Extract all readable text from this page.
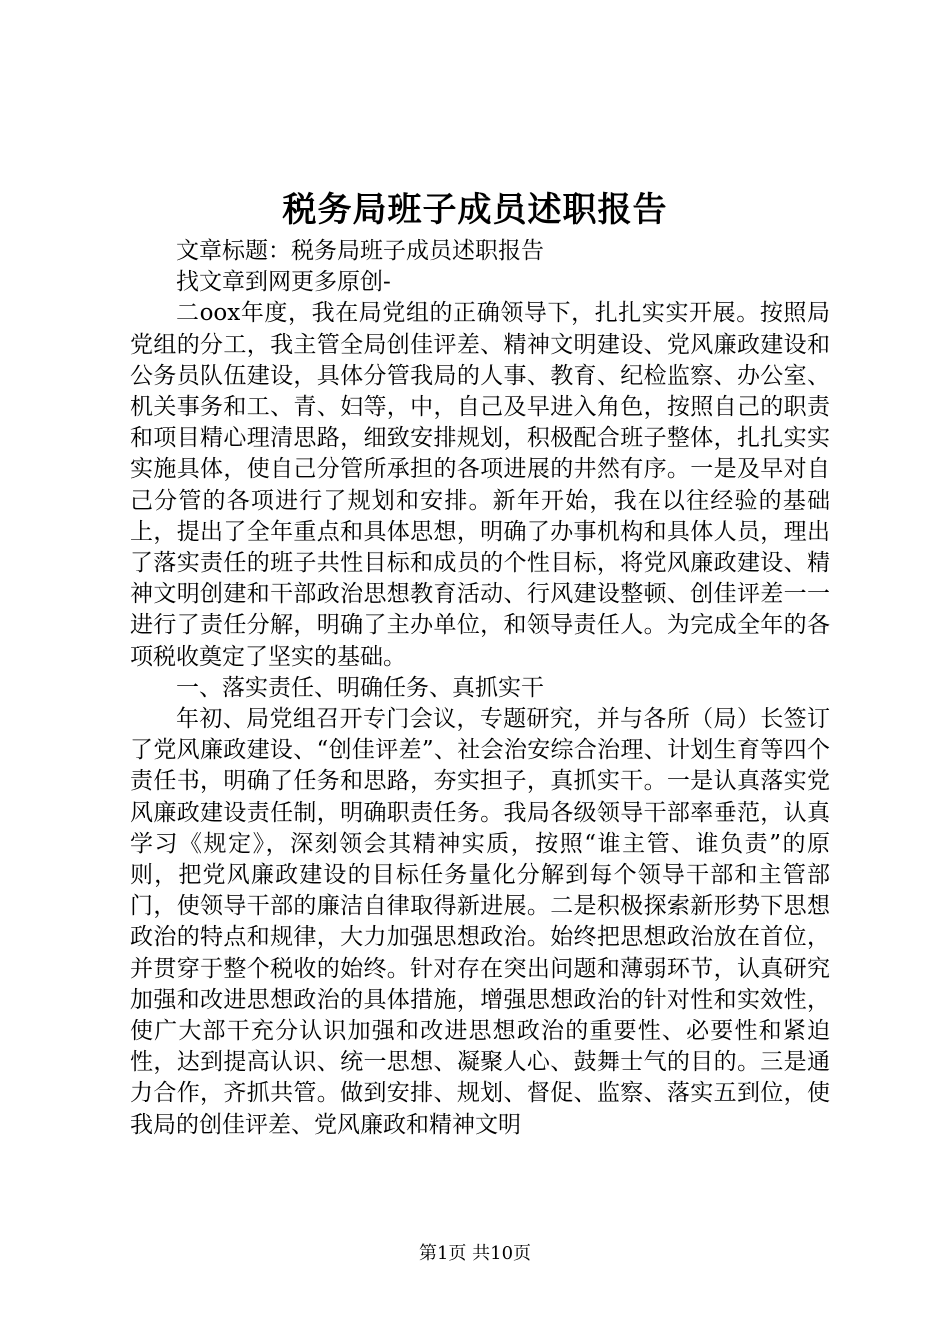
税务局班子成员述职报告

文章标题：税务局班子成员述职报告

找文章到网更多原创-

二oox年度，我在局党组的正确领导下，扎扎实实开展。按照局党组的分工，我主管全局创佳评差、精神文明建设、党风廉政建设和公务员队伍建设，具体分管我局的人事、教育、纪检监察、办公室、机关事务和工、青、妇等，中，自己及早进入角色，按照自己的职责和项目精心理清思路，细致安排规划，积极配合班子整体，扎扎实实实施具体，使自己分管所承担的各项进展的井然有序。一是及早对自己分管的各项进行了规划和安排。新年开始，我在以往经验的基础上，提出了全年重点和具体思想，明确了办事机构和具体人员，理出了落实责任的班子共性目标和成员的个性目标，将党风廉政建设、精神文明创建和干部政治思想教育活动、行风建设整顿、创佳评差一一进行了责任分解，明确了主办单位，和领导责任人。为完成全年的各项税收奠定了坚实的基础。

一、落实责任、明确任务、真抓实干

年初、局党组召开专门会议，专题研究，并与各所（局）长签订了党风廉政建设、“创佳评差”、社会治安综合治理、计划生育等四个责任书，明确了任务和思路，夯实担子，真抓实干。一是认真落实党风廉政建设责任制，明确职责任务。我局各级领导干部率垂范，认真学习《规定》，深刻领会其精神实质，按照“谁主管、谁负责”的原则，把党风廉政建设的目标任务量化分解到每个领导干部和主管部门，使领导干部的廉洁自律取得新进展。二是积极探索新形势下思想政治的特点和规律，大力加强思想政治。始终把思想政治放在首位，并贯穿于整个税收的始终。针对存在突出问题和薄弱环节，认真研究加强和改进思想政治的具体措施，增强思想政治的针对性和实效性，使广大部干充分认识加强和改进思想政治的重要性、必要性和紧迫性，达到提高认识、统一思想、凝聚人心、鼓舞士气的目的。三是通力合作，齐抓共管。做到安排、规划、督促、监察、落实五到位，使我局的创佳评差、党风廉政和精神文明

第1页 共10页
